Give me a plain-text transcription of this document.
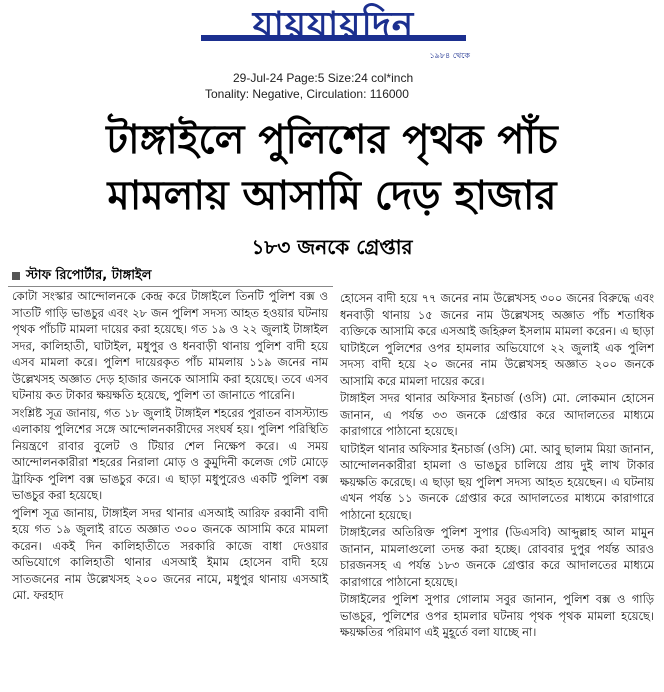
যায়যায়দিন
১৯৮৪ থেকে
29-Jul-24 Page:5 Size:24 col*inch
Tonality: Negative, Circulation: 116000
টাঙ্গাইলে পুলিশের পৃথক পাঁচ
মামলায় আসামি দেড় হাজার
১৮৩ জনকে গ্রেপ্তার
স্টাফ রিপোর্টার, টাঙ্গাইল

কোটা সংস্কার আন্দোলনকে কেন্দ্র করে টাঙ্গাইলে তিনটি পুলিশ বক্স ও সাতটি গাড়ি ভাঙচুর এবং ২৮ জন পুলিশ সদস্য আহত হওয়ার ঘটনায় পৃথক পাঁচটি মামলা দায়ের করা হয়েছে। গত ১৯ ও ২২ জুলাই টাঙ্গাইল সদর, কালিহাতী, ঘাটাইল, মধুপুর ও ধনবাড়ী থানায় পুলিশ বাদী হয়ে এসব মামলা করে। পুলিশ দায়েরকৃত পাঁচ মামলায় ১১৯ জনের নাম উল্লেখসহ অজ্ঞাত দেড় হাজার জনকে আসামি করা হয়েছে। তবে এসব ঘটনায় কত টাকার ক্ষয়ক্ষতি হয়েছে, পুলিশ তা জানাতে পারেনি।

সংশ্লিষ্ট সূত্র জানায়, গত ১৮ জুলাই টাঙ্গাইল শহরের পুরাতন বাসস্ট্যান্ড এলাকায় পুলিশের সঙ্গে আন্দোলনকারীদের সংঘর্ষ হয়। পুলিশ পরিস্থিতি নিয়ন্ত্রণে রাবার বুলেট ও টিয়ার শেল নিক্ষেপ করে। এ সময় আন্দোলনকারীরা শহরের নিরালা মোড় ও কুমুদিনী কলেজ গেট মোড়ে ট্রাফিক পুলিশ বক্স ভাঙচুর করে। এ ছাড়া মধুপুরেও একটি পুলিশ বক্স ভাঙচুর করা হয়েছে।

পুলিশ সূত্র জানায়, টাঙ্গাইল সদর থানার এসআই আরিফ রব্বানী বাদী হয়ে গত ১৯ জুলাই রাতে অজ্ঞাত ৩০০ জনকে আসামি করে মামলা করেন। একই দিন কালিহাতীতে সরকারি কাজে বাধা দেওয়ার অভিযোগে কালিহাতী থানার এসআই ইমাম হোসেন বাদী হয়ে সাতজনের নাম উল্লেখসহ ২০০ জনের নামে, মধুপুর থানায় এসআই মো. ফরহাদ

হোসেন বাদী হয়ে ৭৭ জনের নাম উল্লেখসহ ৩০০ জনের বিরুদ্ধে এবং ধনবাড়ী থানায় ১৫ জনের নাম উল্লেখসহ অজ্ঞাত পাঁচ শতাধিক ব্যক্তিকে আসামি করে এসআই জহিরুল ইসলাম মামলা করেন। এ ছাড়া ঘাটাইলে পুলিশের ওপর হামলার অভিযোগে ২২ জুলাই এক পুলিশ সদস্য বাদী হয়ে ২০ জনের নাম উল্লেখসহ অজ্ঞাত ২০০ জনকে আসামি করে মামলা দায়ের করে।

টাঙ্গাইল সদর থানার অফিসার ইনচার্জ (ওসি) মো. লোকমান হোসেন জানান, এ পর্যন্ত ৩৩ জনকে গ্রেপ্তার করে আদালতের মাধ্যমে কারাগারে পাঠানো হয়েছে।

ঘাটাইল থানার অফিসার ইনচার্জ (ওসি) মো. আবু ছালাম মিয়া জানান, আন্দোলনকারীরা হামলা ও ভাঙচুর চালিয়ে প্রায় দুই লাখ টাকার ক্ষয়ক্ষতি করেছে। এ ছাড়া ছয় পুলিশ সদস্য আহত হয়েছেন। এ ঘটনায় এখন পর্যন্ত ১১ জনকে গ্রেপ্তার করে আদালতের মাধ্যমে কারাগারে পাঠানো হয়েছে।

টাঙ্গাইলের অতিরিক্ত পুলিশ সুপার (ডিএসবি) আব্দুল্লাহ আল মামুন জানান, মামলাগুলো তদন্ত করা হচ্ছে। রোববার দুপুর পর্যন্ত আরও চারজনসহ এ পর্যন্ত ১৮৩ জনকে গ্রেপ্তার করে আদালতের মাধ্যমে কারাগারে পাঠানো হয়েছে।

টাঙ্গাইলের পুলিশ সুপার গোলাম সবুর জানান, পুলিশ বক্স ও গাড়ি ভাঙচুর, পুলিশের ওপর হামলার ঘটনায় পৃথক পৃথক মামলা হয়েছে। ক্ষয়ক্ষতির পরিমাণ এই মুহূর্তে বলা যাচ্ছে না।
